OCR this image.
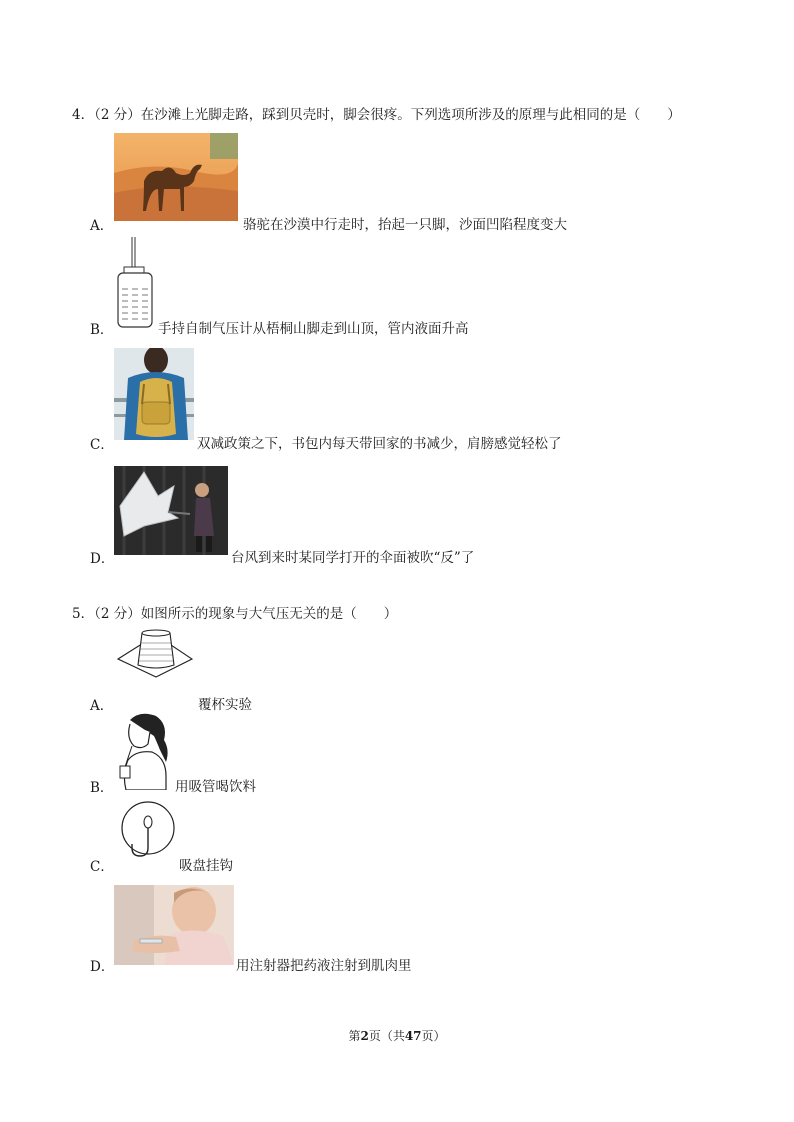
4．（2 分）在沙滩上光脚走路，踩到贝壳时，脚会很疼。下列选项所涉及的原理与此相同的是（　　）
A．	骆驼在沙漠中行走时，抬起一只脚，沙面凹陷程度变大
B．	手持自制气压计从梧桐山脚走到山顶，管内液面升高
C．	双减政策之下，书包内每天带回家的书减少，肩膀感觉轻松了
D．	台风到来时某同学打开的伞面被吹“反”了
5．（2 分）如图所示的现象与大气压无关的是（　　）
A．	覆杯实验
B．	用吸管喝饮料
C．	吸盘挂钩
D．	用注射器把药液注射到肌肉里
第2页（共47页）
